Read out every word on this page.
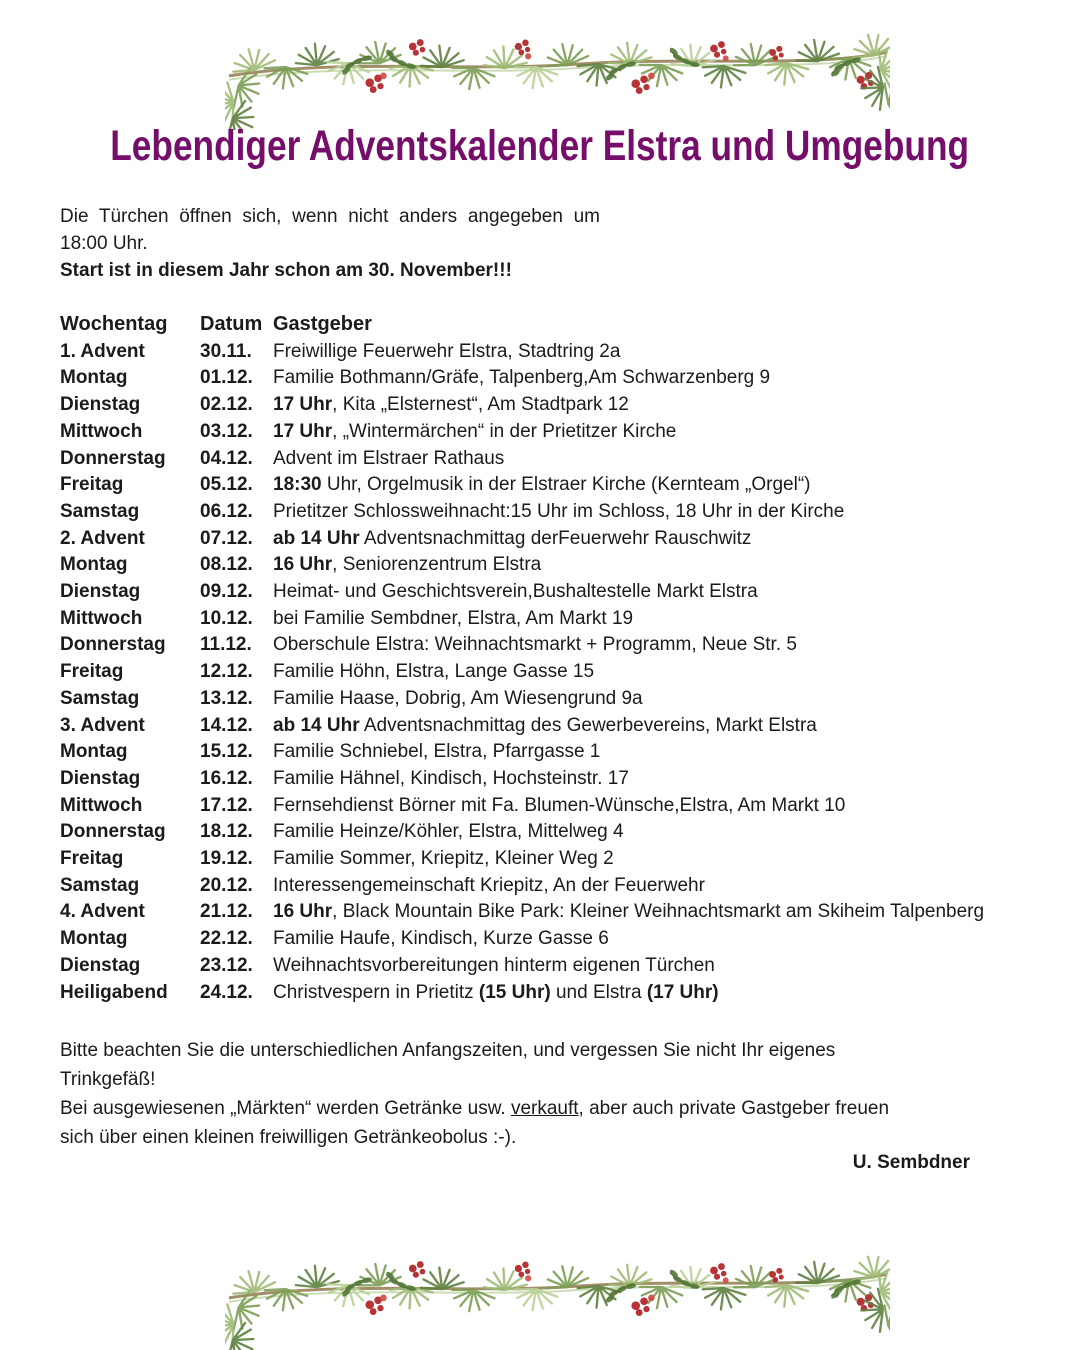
Lebendiger Adventskalender Elstra und Umgebung
Die Türchen öffnen sich, wenn nicht anders angegeben um
18:00 Uhr.
Start ist in diesem Jahr schon am 30. November!!!
Wochentag	Datum Gastgeber
1. Advent	30.11.	Freiwillige Feuerwehr Elstra, Stadtring 2a
Montag	01.12.	Familie Bothmann/Gräfe, Talpenberg,Am Schwarzenberg 9
Dienstag	02.12.	17 Uhr, Kita „Elsternest“, Am Stadtpark 12
Mittwoch	03.12.	17 Uhr, „Wintermärchen“ in der Prietitzer Kirche
Donnerstag	04.12.	Advent im Elstraer Rathaus
Freitag	05.12.	18:30 Uhr, Orgelmusik in der Elstraer Kirche (Kernteam „Orgel“)
Samstag	06.12.	Prietitzer Schlossweihnacht:15 Uhr im Schloss, 18 Uhr in der Kirche
2. Advent	07.12.	ab 14 Uhr Adventsnachmittag derFeuerwehr Rauschwitz
Montag	08.12.	16 Uhr, Seniorenzentrum Elstra
Dienstag	09.12.	Heimat- und Geschichtsverein,Bushaltestelle Markt Elstra
Mittwoch	10.12.	bei Familie Sembdner, Elstra, Am Markt 19
Donnerstag	11.12.	Oberschule Elstra: Weihnachtsmarkt + Programm, Neue Str. 5
Freitag	12.12.	Familie Höhn, Elstra, Lange Gasse 15
Samstag	13.12.	Familie Haase, Dobrig, Am Wiesengrund 9a
3. Advent	14.12.	ab 14 Uhr Adventsnachmittag des Gewerbevereins, Markt Elstra
Montag	15.12.	Familie Schniebel, Elstra, Pfarrgasse 1
Dienstag	16.12.	Familie Hähnel, Kindisch, Hochsteinstr. 17
Mittwoch	17.12.	Fernsehdienst Börner mit Fa. Blumen-Wünsche,Elstra, Am Markt 10
Donnerstag	18.12.	Familie Heinze/Köhler, Elstra, Mittelweg 4
Freitag	19.12.	Familie Sommer, Kriepitz, Kleiner Weg 2
Samstag	20.12.	Interessengemeinschaft Kriepitz, An der Feuerwehr
4. Advent	21.12.	16 Uhr, Black Mountain Bike Park: Kleiner Weihnachtsmarkt am Skiheim Talpenberg
Montag	22.12.	Familie Haufe, Kindisch, Kurze Gasse 6
Dienstag	23.12.	Weihnachtsvorbereitungen hinterm eigenen Türchen
Heiligabend	24.12.	Christvespern in Prietitz (15 Uhr) und Elstra (17 Uhr)
Bitte beachten Sie die unterschiedlichen Anfangszeiten, und vergessen Sie nicht Ihr eigenes
Trinkgefäß!
Bei ausgewiesenen „Märkten“ werden Getränke usw. verkauft, aber auch private Gastgeber freuen
sich über einen kleinen freiwilligen Getränkeobolus :-).
U. Sembdner
